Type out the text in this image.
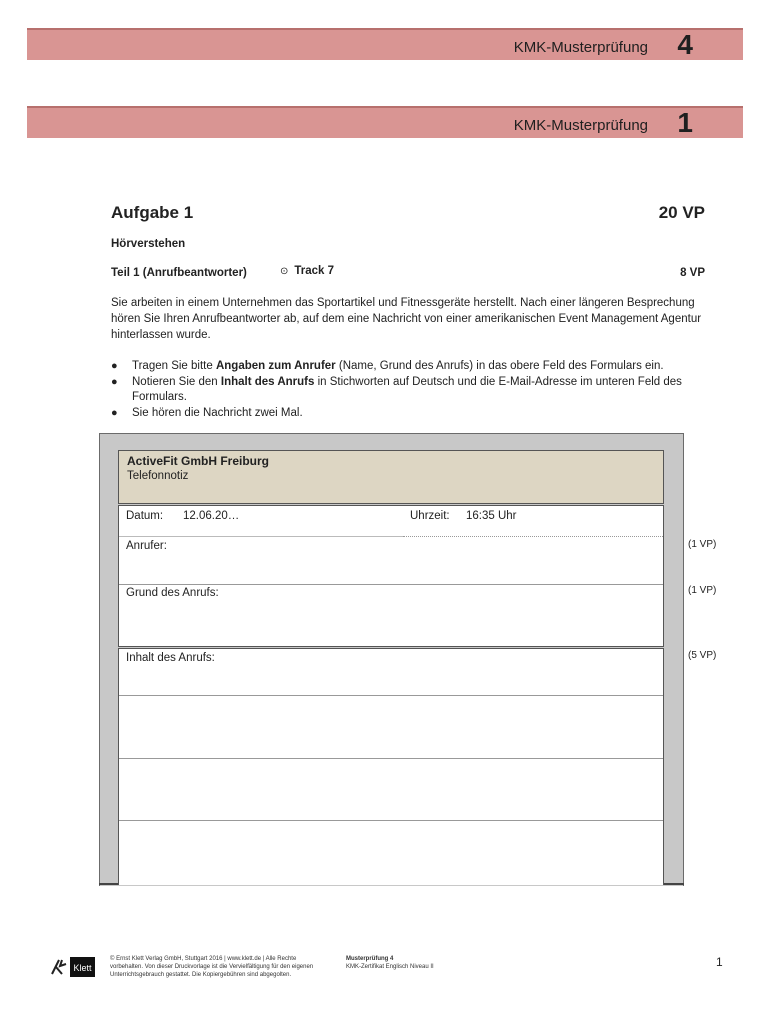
KMK-Musterprüfung 4
KMK-Musterprüfung 1
Aufgabe 1	20 VP
Hörverstehen
Teil 1 (Anrufbeantworter)	⊙ Track 7	8 VP
Sie arbeiten in einem Unternehmen das Sportartikel und Fitnessgeräte herstellt. Nach einer längeren Besprechung hören Sie Ihren Anrufbeantworter ab, auf dem eine Nachricht von einer amerikanischen Event Management Agentur hinterlassen wurde.
● Tragen Sie bitte Angaben zum Anrufer (Name, Grund des Anrufs) in das obere Feld des Formulars ein.
● Notieren Sie den Inhalt des Anrufs in Stichworten auf Deutsch und die E-Mail-Adresse im unteren Feld des Formulars.
● Sie hören die Nachricht zwei Mal.
ActiveFit GmbH Freiburg
Telefonnotiz
Datum: 12.06.20…	Uhrzeit: 16:35 Uhr
Anrufer:
Grund des Anrufs:
Inhalt des Anrufs:
(1 VP)
(1 VP)
(5 VP)
Klett
© Ernst Klett Verlag GmbH, Stuttgart 2016 | www.klett.de | Alle Rechte
vorbehalten. Von dieser Druckvorlage ist die Vervielfältigung für den eigenen
Unterrichtsgebrauch gestattet. Die Kopiergebühren sind abgegolten.
Musterprüfung 4
KMK-Zertifikat Englisch Niveau II	1
